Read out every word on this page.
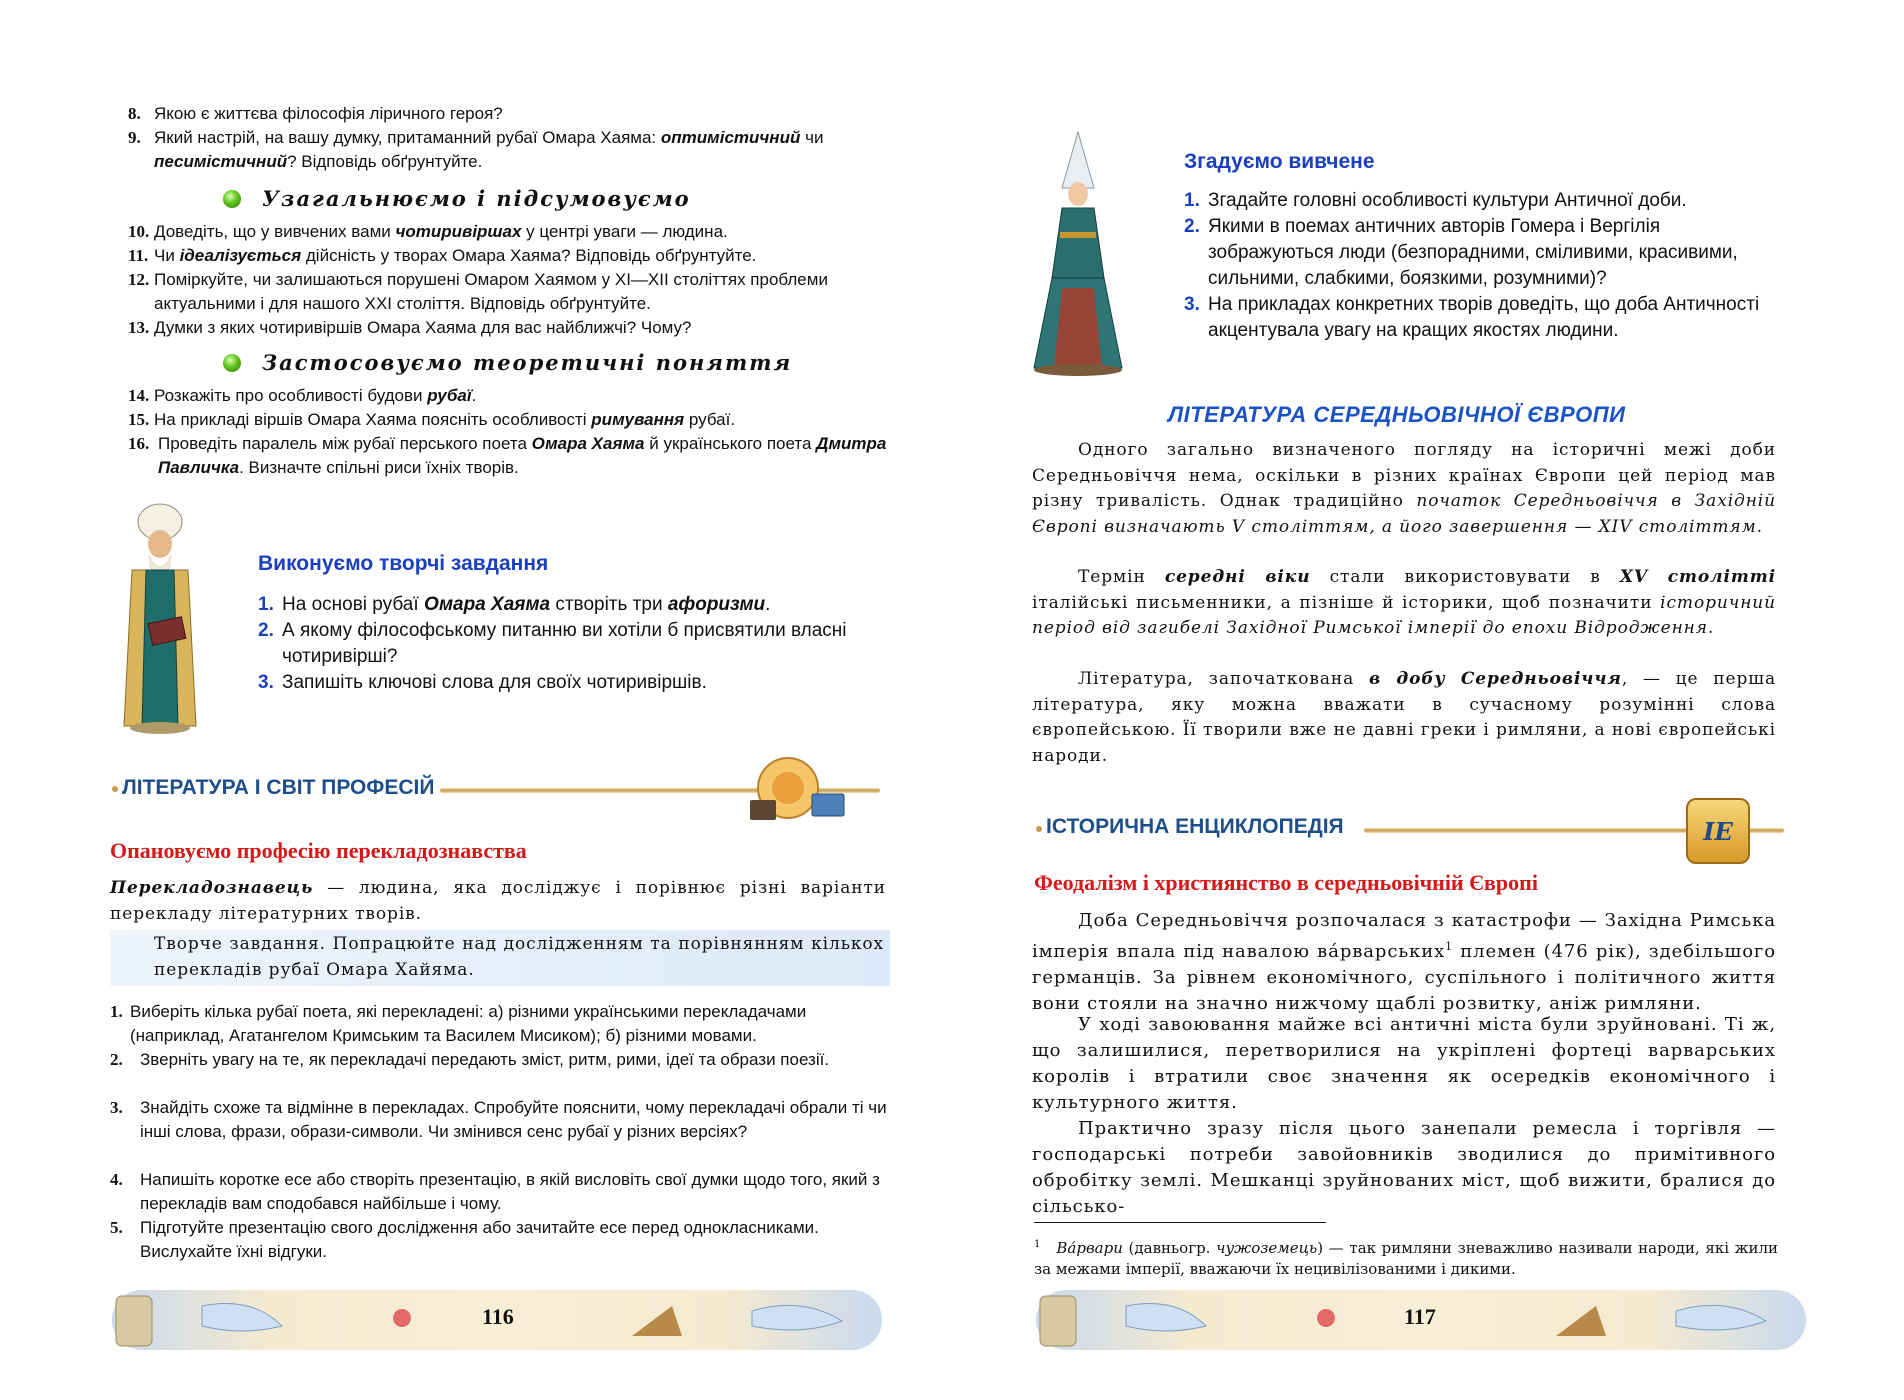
8. Якою є життєва філософія ліричного героя?
9. Який настрій, на вашу думку, притаманний рубаї Омара Хаяма: оптимістичний чи песимістичний? Відповідь обґрунтуйте.
Узагальнюємо і підсумовуємо
10. Доведіть, що у вивчених вами чотиривіршах у центрі уваги — людина.
11. Чи ідеалізується дійсність у творах Омара Хаяма? Відповідь обґрунтуйте.
12. Поміркуйте, чи залишаються порушені Омаром Хаямом у XI—XII століттях проблеми актуальними і для нашого XXI століття. Відповідь обґрунтуйте.
13. Думки з яких чотиривіршів Омара Хаяма для вас найближчі? Чому?
Застосовуємо теоретичні поняття
14. Розкажіть про особливості будови рубаї.
15. На прикладі віршів Омара Хаяма поясніть особливості римування рубаї.
16. Проведіть паралель між рубаї перського поета Омара Хаяма й українського поета Дмитра Павличка. Визначте спільні риси їхніх творів.
Виконуємо творчі завдання
1. На основі рубаї Омара Хаяма створіть три афоризми.
2. А якому філософському питанню ви хотіли б присвятили власні чотиривірші?
3. Запишіть ключові слова для своїх чотиривіршів.
ЛІТЕРАТУРА І СВІТ ПРОФЕСІЙ
Опановуємо професію перекладознавства
Перекладознавець — людина, яка досліджує і порівнює різні варіанти перекладу літературних творів.
Творче завдання. Попрацюйте над дослідженням та порівнянням кількох перекладів рубаї Омара Хайяма.
1. Виберіть кілька рубаї поета, які перекладені: а) різними українськими перекладачами (наприклад, Агатангелом Кримським та Василем Мисиком); б) різними мовами.
2.	Зверніть увагу на те, як перекладачі передають зміст, ритм, рими, ідеї та образи поезії.
3.	Знайдіть схоже та відмінне в перекладах. Спробуйте пояснити, чому перекладачі обрали ті чи інші слова, фрази, образи-символи. Чи змінився сенс рубаї у різних версіях?
4.	Напишіть коротке есе або створіть презентацію, в якій висловіть свої думки щодо того, який з перекладів вам сподобався найбільше і чому.
5.	Підготуйте презентацію свого дослідження або зачитайте есе перед однокласниками. Вислухайте їхні відгуки.
116
Згадуємо вивчене
1. Згадайте головні особливості культури Античної доби.
2. Якими в поемах античних авторів Гомера і Вергілія зображуються люди (безпорадними, сміливими, красивими, сильними, слабкими, боязкими, розумними)?
3. На прикладах конкретних творів доведіть, що доба Античності акцентувала увагу на кращих якостях людини.
ЛІТЕРАТУРА СЕРЕДНЬОВІЧНОЇ ЄВРОПИ
Одного загально визначеного погляду на історичні межі доби Середньовіччя нема, оскільки в різних країнах Європи цей період мав різну тривалість. Однак традиційно початок Середньовіччя в Західній Європі визначають V століттям, а його завершення — XIV століттям.
Термін середні віки стали використовувати в XV столітті італійські письменники, а пізніше й історики, щоб позначити історичний період від загибелі Західної Римської імперії до епохи Відродження.
Література, започаткована в добу Середньовіччя, — це перша література, яку можна вважати в сучасному розумінні слова європейською. Її творили вже не давні греки і римляни, а нові європейські народи.
ІСТОРИЧНА ЕНЦИКЛОПЕДІЯ	ІЕ
Феодалізм і християнство в середньовічній Європі
Доба Середньовіччя розпочалася з катастрофи — Західна Римська імперія впала під навалою ва́рварських$^1$ племен (476 рік), здебільшого германців. За рівнем економічного, суспільного і політичного життя вони стояли на значно нижчому щаблі розвитку, аніж римляни.
У ході завоювання майже всі античні міста були зруйновані. Ті ж, що залишилися, перетворилися на укріплені фортеці варварських королів і втратили своє значення як осередків економічного і культурного життя.
Практично зразу після цього занепали ремесла і торгівля — господарські потреби завойовників зводилися до примітивного обробітку землі. Мешканці зруйнованих міст, щоб вижити, бралися до сільсько-
$^1$ Ва́рвари (давньогр. чужоземець) — так римляни зневажливо називали народи, які жили за межами імперії, вважаючи їх нецивілізованими і дикими.
117
